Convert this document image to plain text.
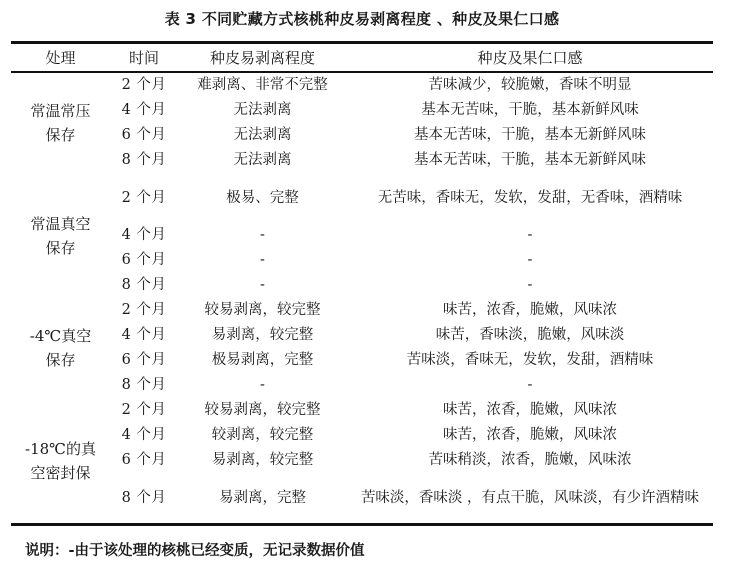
表 3 不同贮藏方式核桃种皮易剥离程度 、种皮及果仁口感
处理	时间	种皮易剥离程度	种皮及果仁口感

常温常压
保存	2 个月	难剥离、非常不完整	苦味减少，较脆嫩，香味不明显
	4 个月	无法剥离	基本无苦味，干脆，基本新鲜风味
	6 个月	无法剥离	基本无苦味，干脆，基本无新鲜风味
	8 个月	无法剥离	基本无苦味，干脆，基本无新鲜风味

常温真空
保存	2 个月	极易、完整	无苦味，香味无，发软，发甜，无香味，酒精味
	4 个月	-	-
	6 个月	-	-
	8 个月	-	-

-4℃真空
保存	2 个月	较易剥离，较完整	味苦，浓香，脆嫩，风味浓
	4 个月	易剥离，较完整	味苦，香味淡，脆嫩，风味淡
	6 个月	极易剥离，完整	苦味淡，香味无，发软，发甜，酒精味
	8 个月	-	-

-18℃的真
空密封保	2 个月	较易剥离，较完整	味苦，浓香，脆嫩，风味浓
	4 个月	较剥离，较完整	味苦，浓香，脆嫩，风味浓
	6 个月	易剥离，较完整	苦味稍淡，浓香，脆嫩，风味浓
	8 个月	易剥离，完整	苦味淡，香味淡 ，有点干脆，风味淡，有少许酒精味
说明：-由于该处理的核桃已经变质，无记录数据价值
